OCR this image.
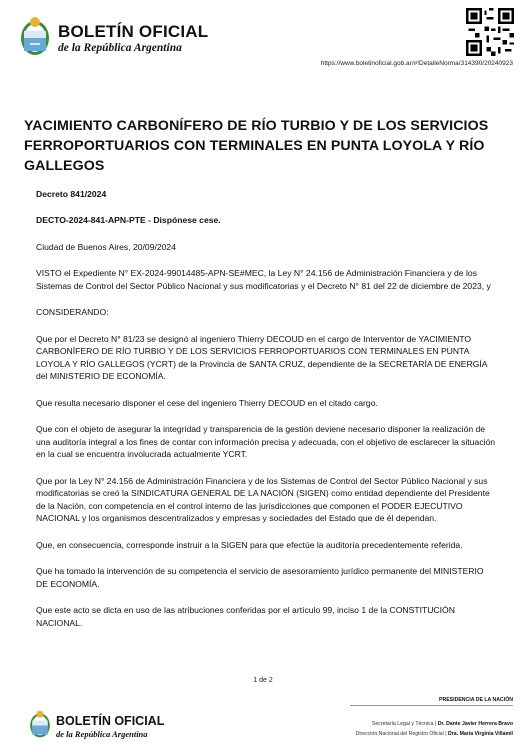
BOLETÍN OFICIAL
de la República Argentina
https://www.boletinoficial.gob.ar/#!DetalleNorma/314390/20240923
YACIMIENTO CARBONÍFERO DE RÍO TURBIO Y DE LOS SERVICIOS FERROPORTUARIOS CON TERMINALES EN PUNTA LOYOLA Y RÍO GALLEGOS

Decreto 841/2024

DECTO-2024-841-APN-PTE - Dispónese cese.

Ciudad de Buenos Aires, 20/09/2024

VISTO el Expediente N° EX-2024-99014485-APN-SE#MEC, la Ley N° 24.156 de Administración Financiera y de los Sistemas de Control del Sector Público Nacional y sus modificatorias y el Decreto N° 81 del 22 de diciembre de 2023, y

CONSIDERANDO:

Que por el Decreto N° 81/23 se designó al ingeniero Thierry DECOUD en el cargo de Interventor de YACIMIENTO CARBONÍFERO DE RÍO TURBIO Y DE LOS SERVICIOS FERROPORTUARIOS CON TERMINALES EN PUNTA LOYOLA Y RÍO GALLEGOS (YCRT) de la Provincia de SANTA CRUZ, dependiente de la SECRETARÍA DE ENERGÍA del MINISTERIO DE ECONOMÍA.

Que resulta necesario disponer el cese del ingeniero Thierry DECOUD en el citado cargo.

Que con el objeto de asegurar la integridad y transparencia de la gestión deviene necesario disponer la realización de una auditoría integral a los fines de contar con información precisa y adecuada, con el objetivo de esclarecer la situación en la cual se encuentra involucrada actualmente YCRT.

Que por la Ley N° 24.156 de Administración Financiera y de los Sistemas de Control del Sector Público Nacional y sus modificatorias se creó la SINDICATURA GENERAL DE LA NACIÓN (SIGEN) como entidad dependiente del Presidente de la Nación, con competencia en el control interno de las jurisdicciones que componen el PODER EJECUTIVO NACIONAL y los organismos descentralizados y empresas y sociedades del Estado que de él dependan.

Que, en consecuencia, corresponde instruir a la SIGEN para que efectúe la auditoría precedentemente referida.

Que ha tomado la intervención de su competencia el servicio de asesoramiento jurídico permanente del MINISTERIO DE ECONOMÍA.

Que este acto se dicta en uso de las atribuciones conferidas por el artículo 99, inciso 1 de la CONSTITUCIÓN NACIONAL.

1 de 2
PRESIDENCIA DE LA NACIÓN
BOLETÍN OFICIAL
de la República Argentina
Secretaría Legal y Técnica | Dr. Dante Javier Herrera Bravo
Dirección Nacional del Registro Oficial | Dra. María Virginia Villamil
